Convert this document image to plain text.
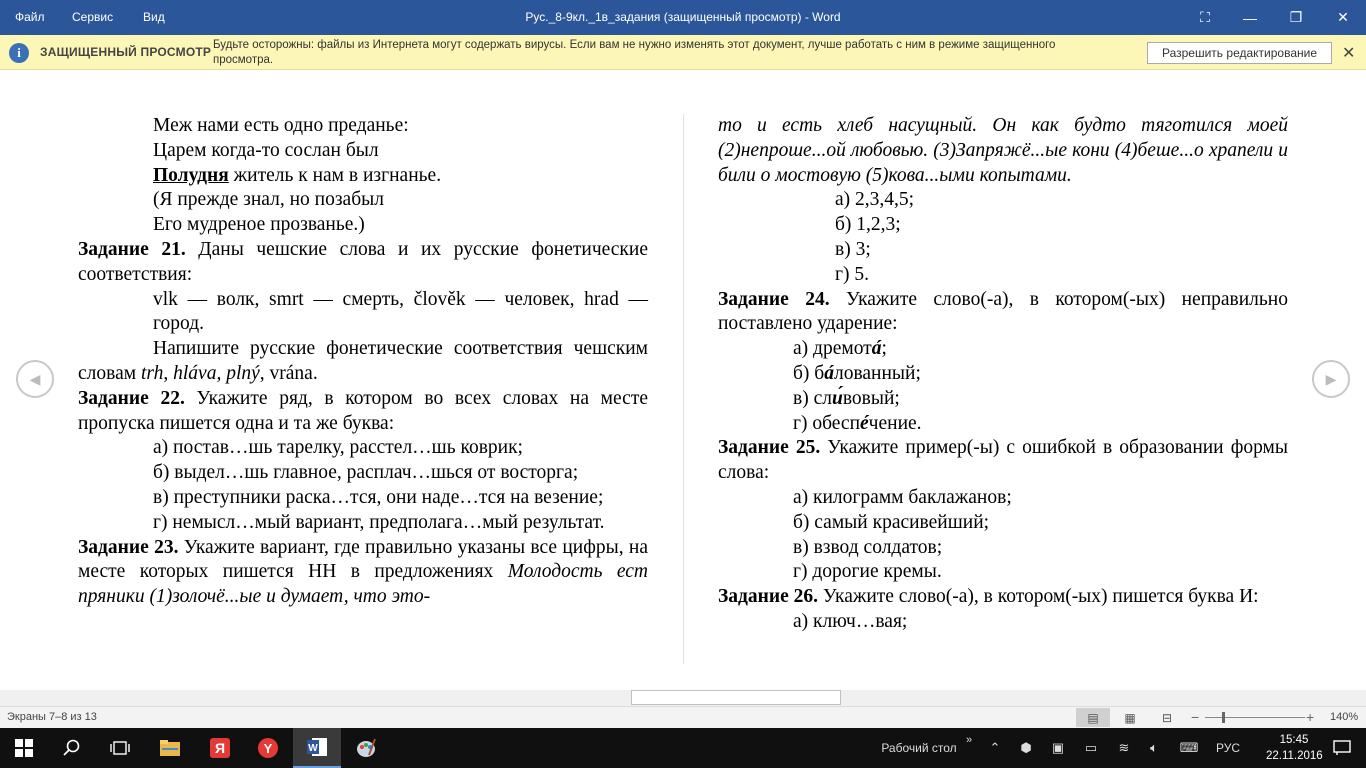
Файл Сервис Вид	Рус._8-9кл._1в_задания (защищенный просмотр) - Word	⛶	—	❐	✕
i	ЗАЩИЩЕННЫЙ ПРОСМОТР Будьте осторожны: файлы из Интернета могут содержать вирусы. Если вам не нужно изменять этот документ, лучше работать с ним в режиме защищенного просмотра.	Разрешить редактирование	✕
◀	▶

Меж нами есть одно преданье:

Царем когда-то сослан был

Полудня житель к нам в изгнанье.

(Я прежде знал, но позабыл

Его мудреное прозванье.)

Задание 21. Даны чешские слова и их русские фонетические соответствия:

vlk — волк, smrt — смерть, člověk — человек, hrad — город.

Напишите русские фонетические соответствия чешским словам trh, hláva, plný, vrána.

Задание 22. Укажите ряд, в котором во всех словах на месте пропуска пишется одна и та же буква:

а) постав…шь тарелку, расстел…шь коврик;

б) выдел…шь главное, расплач…шься от восторга;

в) преступники раска…тся, они наде…тся на везение;

г) немысл…мый вариант, предполага…мый результат.

Задание 23. Укажите вариант, где правильно указаны все цифры, на месте которых пишется НН в предложениях Молодость ест пряники (1)золочё...ые и думает, что это-

то и есть хлеб насущный. Он как будто тяготился моей (2)непроше...ой любовью. (3)Запряжё...ые кони (4)беше...о храпели и били о мостовую (5)кова...ыми копытами.

а) 2,3,4,5;

б) 1,2,3;

в) 3;

г) 5.

Задание 24. Укажите слово(-а), в котором(-ых) неправильно поставлено ударение:

а) дремотá;

б) бáлованный;

в) сли́вовый;

г) обеспéчение.

Задание 25. Укажите пример(-ы) с ошибкой в образовании формы слова:

а) килограмм баклажанов;

б) самый красивейший;

в) взвод солдатов;

г) дорогие кремы.

Задание 26. Укажите слово(-а), в котором(-ых) пишется буква И:

а) ключ…вая;

Экраны 7–8 из 13	▤	▦	⊟	−	+ 140%
Я	Y	W	Рабочий стол
»	⌃	⬢	▣	▭	≋	🔈︎	⌨	РУС
15:45
22.11.2016
